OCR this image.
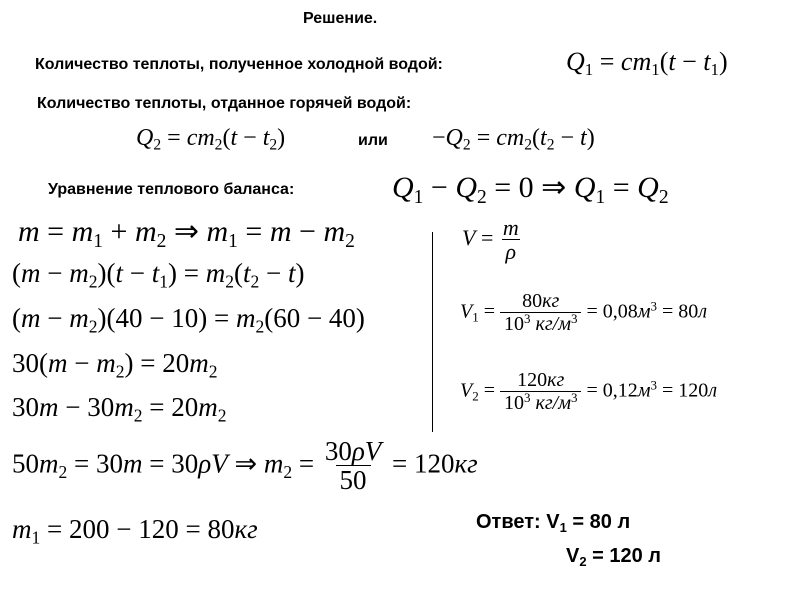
Решение.
Количество теплоты, полученное холодной водой:	$Q_1 = cm_1(t - t_1)$
Количество теплоты, отданное горячей водой:
$Q_2 = cm_2(t - t_2)$	или $-Q_2 = cm_2(t_2 - t)$
Уравнение теплового баланса:	$Q_1 - Q_2 = 0$ ⇒ $Q_1 = Q_2$
$m = m_1 + m_2$ ⇒ $m_1 = m - m_2$
$(m - m_2)(t - t_1) = m_2(t_2 - t)$
$(m - m_2)(40 - 10) = m_2(60 - 40)$
$30(m - m_2) = 20m_2$
$30m - 30m_2 = 20m_2$
$V = \frac{m}{\rho}$
$V_1 = \frac{80кг}{10^3 кг/м^3} = 0,08м^3 = 80л$
$V_2 = \frac{120кг}{10^3 кг/м^3} = 0,12м^3 = 120л$
$50m_2 = 30m = 30\rho V$ ⇒ $m_2 = \frac{30\rho V}{50} = 120кг$
$m_1 = 200 - 120 = 80кг$	Ответ: $V_1 = 80$ л
$V_2 = 120$ л
